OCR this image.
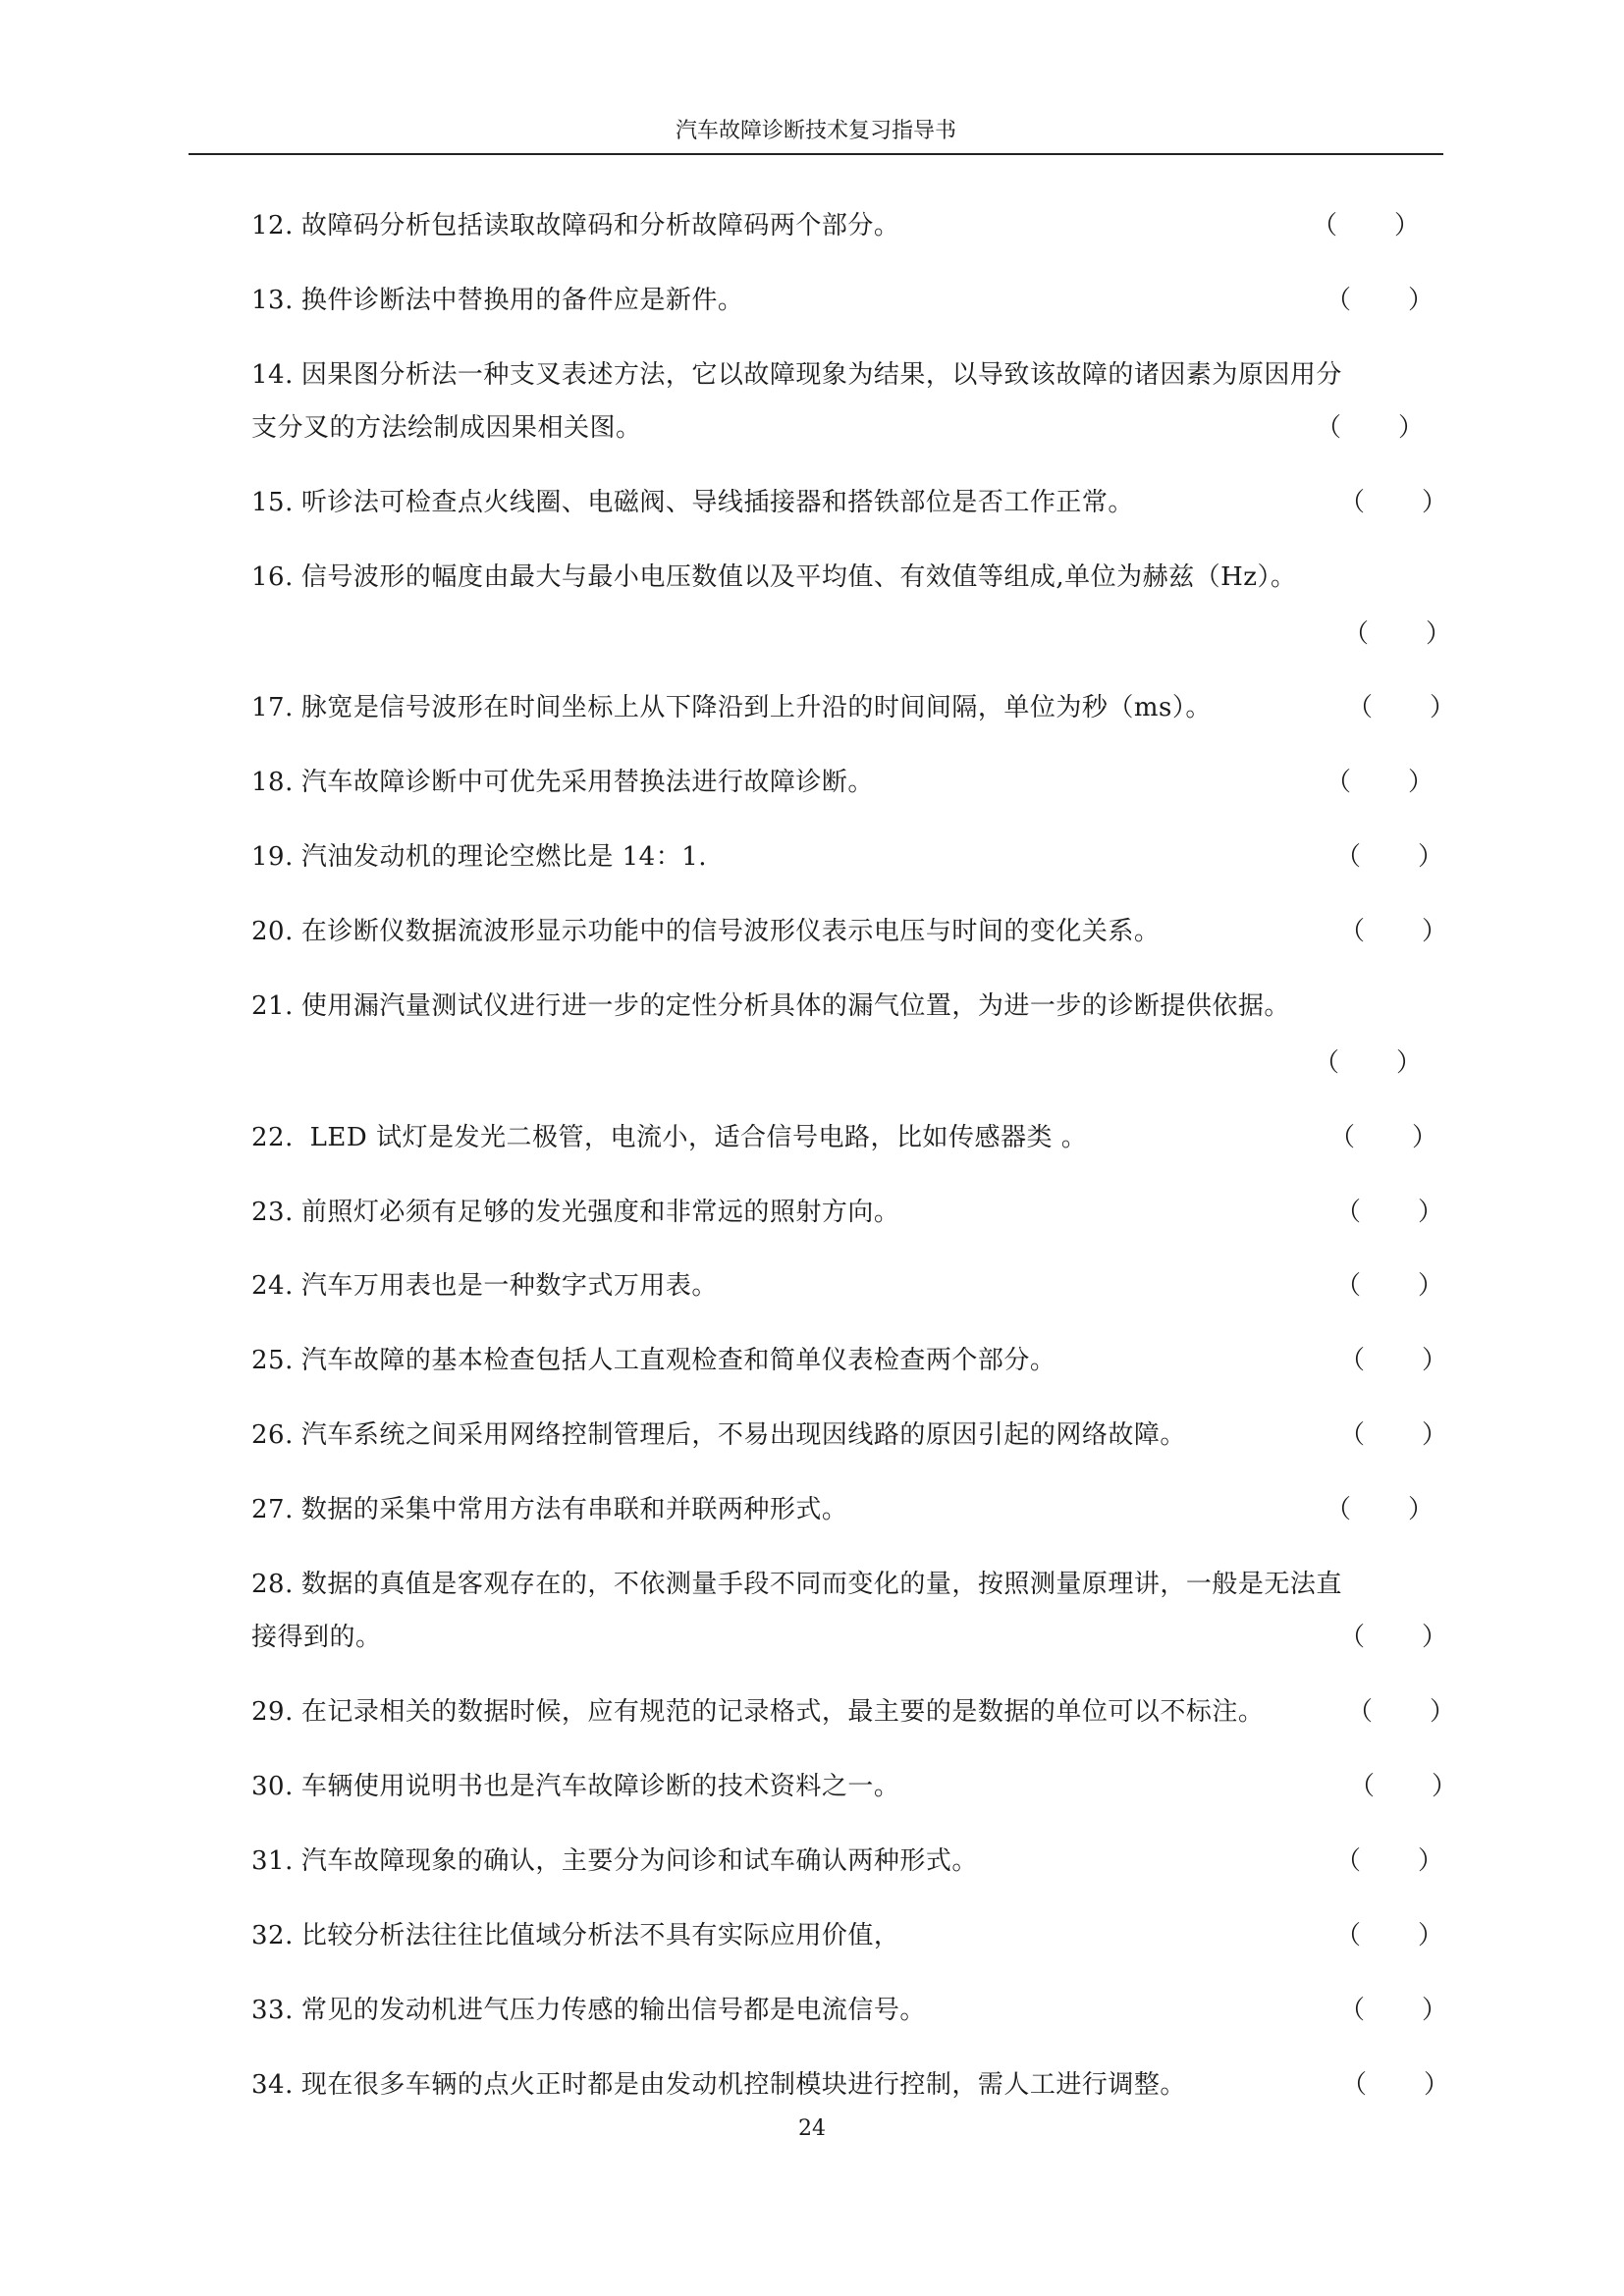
汽车故障诊断技术复习指导书
12. 故障码分析包括读取故障码和分析故障码两个部分。	（ ）
13. 换件诊断法中替换用的备件应是新件。	（ ）
14. 因果图分析法一种支叉表述方法，它以故障现象为结果，以导致该故障的诸因素为原因用分
支分叉的方法绘制成因果相关图。	（ ）
15. 听诊法可检查点火线圈、电磁阀、导线插接器和搭铁部位是否工作正常。	（ ）
16. 信号波形的幅度由最大与最小电压数值以及平均值、有效值等组成,单位为赫兹（Hz）。
（ ）
17. 脉宽是信号波形在时间坐标上从下降沿到上升沿的时间间隔，单位为秒（ms）。	（ ）
18. 汽车故障诊断中可优先采用替换法进行故障诊断。	（ ）
19. 汽油发动机的理论空燃比是 14：1.	（ ）
20. 在诊断仪数据流波形显示功能中的信号波形仪表示电压与时间的变化关系。	（ ）
21. 使用漏汽量测试仪进行进一步的定性分析具体的漏气位置，为进一步的诊断提供依据。
（ ）
22. LED 试灯是发光二极管，电流小，适合信号电路，比如传感器类 。	（ ）
23. 前照灯必须有足够的发光强度和非常远的照射方向。	（ ）
24. 汽车万用表也是一种数字式万用表。	（ ）
25. 汽车故障的基本检查包括人工直观检查和简单仪表检查两个部分。	（ ）
26. 汽车系统之间采用网络控制管理后，不易出现因线路的原因引起的网络故障。	（ ）
27. 数据的采集中常用方法有串联和并联两种形式。	（ ）
28. 数据的真值是客观存在的，不依测量手段不同而变化的量，按照测量原理讲，一般是无法直
接得到的。	（ ）
29. 在记录相关的数据时候，应有规范的记录格式，最主要的是数据的单位可以不标注。	（ ）
30. 车辆使用说明书也是汽车故障诊断的技术资料之一。	（ ）
31. 汽车故障现象的确认，主要分为问诊和试车确认两种形式。	（ ）
32. 比较分析法往往比值域分析法不具有实际应用价值，	（ ）
33. 常见的发动机进气压力传感的输出信号都是电流信号。	（ ）
34. 现在很多车辆的点火正时都是由发动机控制模块进行控制，需人工进行调整。	（ ）
24
